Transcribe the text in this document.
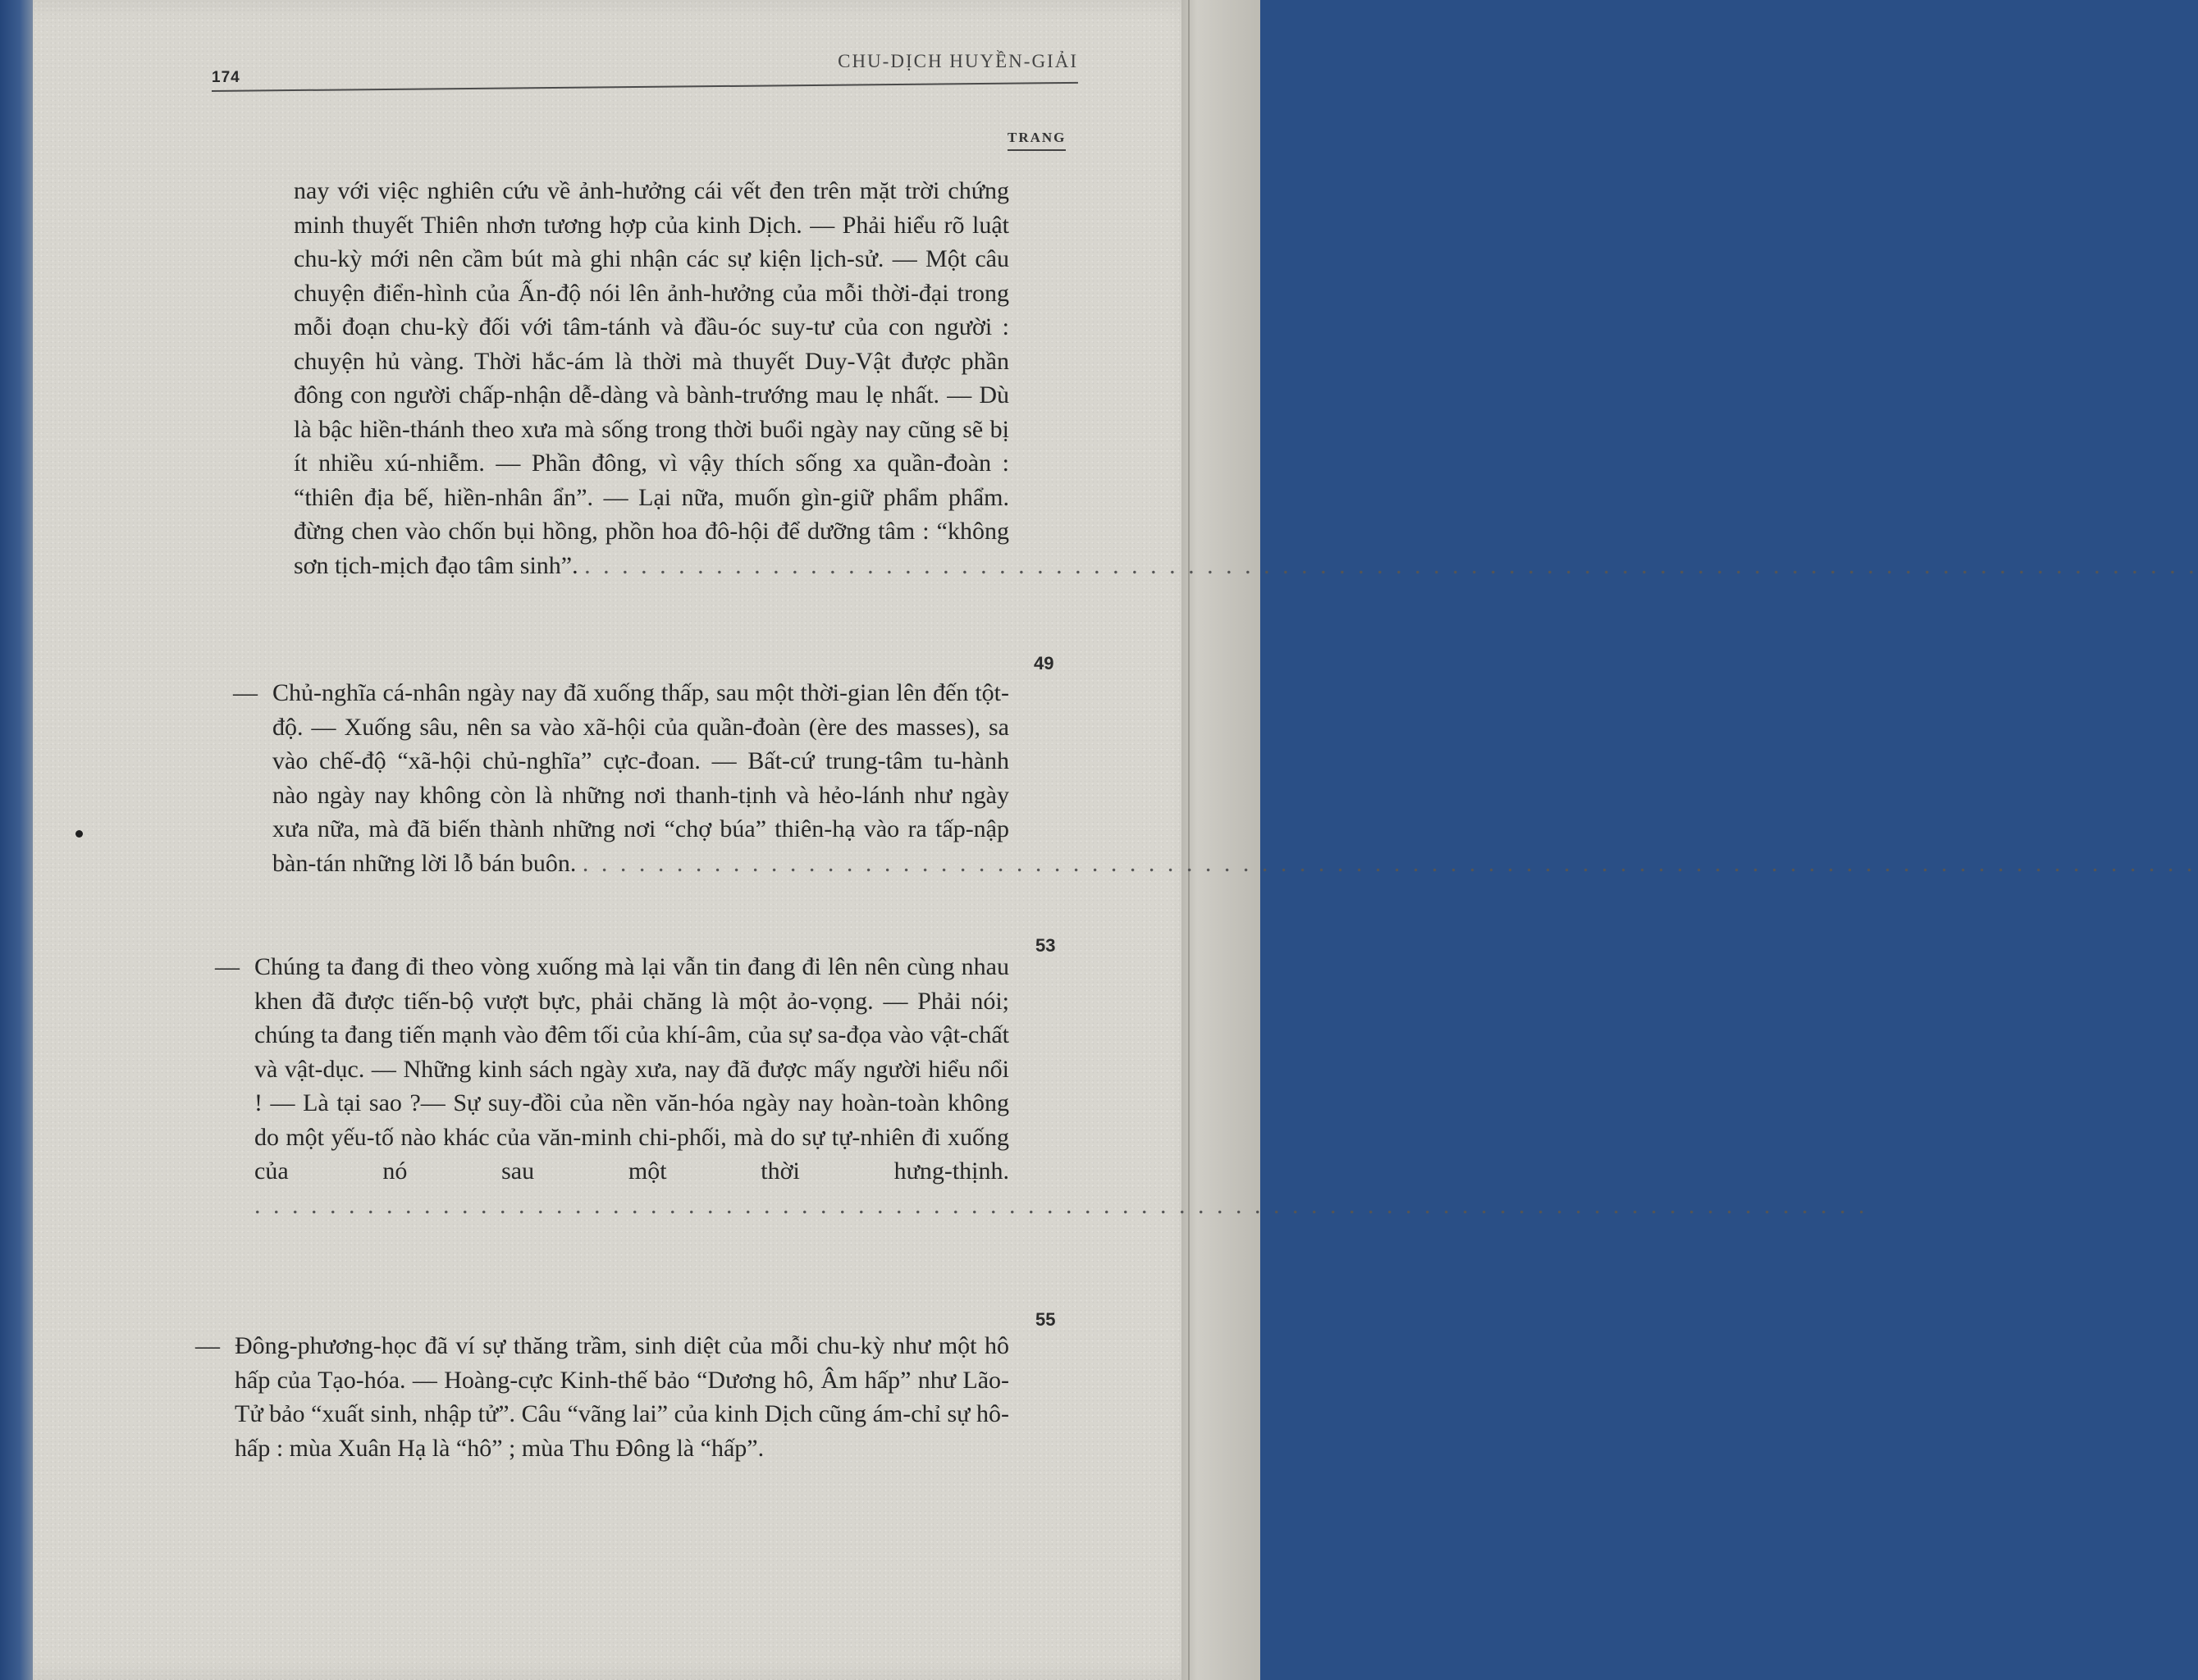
174
CHU-DỊCH HUYỀN-GIẢI
TRANG
nay với việc nghiên cứu về ảnh-hưởng cái vết đen trên mặt trời chứng minh thuyết Thiên nhơn tương hợp của kinh Dịch. — Phải hiểu rõ luật chu-kỳ mới nên cầm bút mà ghi nhận các sự kiện lịch-sử. — Một câu chuyện điển-hình của Ấn-độ nói lên ảnh-hưởng của mỗi thời-đại trong mỗi đoạn chu-kỳ đối với tâm-tánh và đầu-óc suy-tư của con người : chuyện hủ vàng. Thời hắc-ám là thời mà thuyết Duy-Vật được phần đông con người chấp-nhận dễ-dàng và bành-trướng mau lẹ nhất. — Dù là bậc hiền-thánh theo xưa mà sống trong thời buổi ngày nay cũng sẽ bị ít nhiều xú-nhiễm. — Phần đông, vì vậy thích sống xa quần-đoàn : “thiên địa bế, hiền-nhân ẩn”. — Lại nữa, muốn gìn-giữ phẩm phẩm. đừng chen vào chốn bụi hồng, phồn hoa đô-hội để dưỡng tâm : “không sơn tịch-mịch đạo tâm sinh”. . . . . . . . . . . . . . . . . . . . . . . . . . . . . . . . . . . . . . . . . . . . . . . . . . . . . . . . . . . . . . . . . . . . . . . . . . . . . . . . . . . . . . .
49
— Chủ-nghĩa cá-nhân ngày nay đã xuống thấp, sau một thời-gian lên đến tột-độ. — Xuống sâu, nên sa vào xã-hội của quần-đoàn (ère des masses), sa vào chế-độ “xã-hội chủ-nghĩa” cực-đoan. — Bất-cứ trung-tâm tu-hành nào ngày nay không còn là những nơi thanh-tịnh và hẻo-lánh như ngày xưa nữa, mà đã biến thành những nơi “chợ búa” thiên-hạ vào ra tấp-nập bàn-tán những lời lỗ bán buôn. . . . . . . . . . . . . . . . . . . . . . . . . . . . . . . . . . . . . . . . . . . . . . . . . . . . . . . . . . . . . . . . . . . . . . . . . . . . . . . . . . . . . . .
53
— Chúng ta đang đi theo vòng xuống mà lại vẫn tin đang đi lên nên cùng nhau khen đã được tiến-bộ vượt bực, phải chăng là một ảo-vọng. — Phải nói; chúng ta đang tiến mạnh vào đêm tối của khí-âm, của sự sa-đọa vào vật-chất và vật-dục. — Những kinh sách ngày xưa, nay đã được mấy người hiểu nổi ! — Là tại sao ?— Sự suy-đồi của nền văn-hóa ngày nay hoàn-toàn không do một yếu-tố nào khác của văn-minh chi-phối, mà do sự tự-nhiên đi xuống của nó sau một thời hưng-thịnh. . . . . . . . . . . . . . . . . . . . . . . . . . . . . . . . . . . . . . . . . . . . . . . . . . . . . . . . . . . . . . . . . . . . . . . . . . . . . . . . . . . . . . .
55
— Đông-phương-học đã ví sự thăng trầm, sinh diệt của mỗi chu-kỳ như một hô hấp của Tạo-hóa. — Hoàng-cực Kinh-thế bảo “Dương hô, Âm hấp” như Lão-Tử bảo “xuất sinh, nhập tử”. Câu “vãng lai” của kinh Dịch cũng ám-chỉ sự hô-hấp : mùa Xuân Hạ là “hô” ; mùa Thu Đông là “hấp”.
